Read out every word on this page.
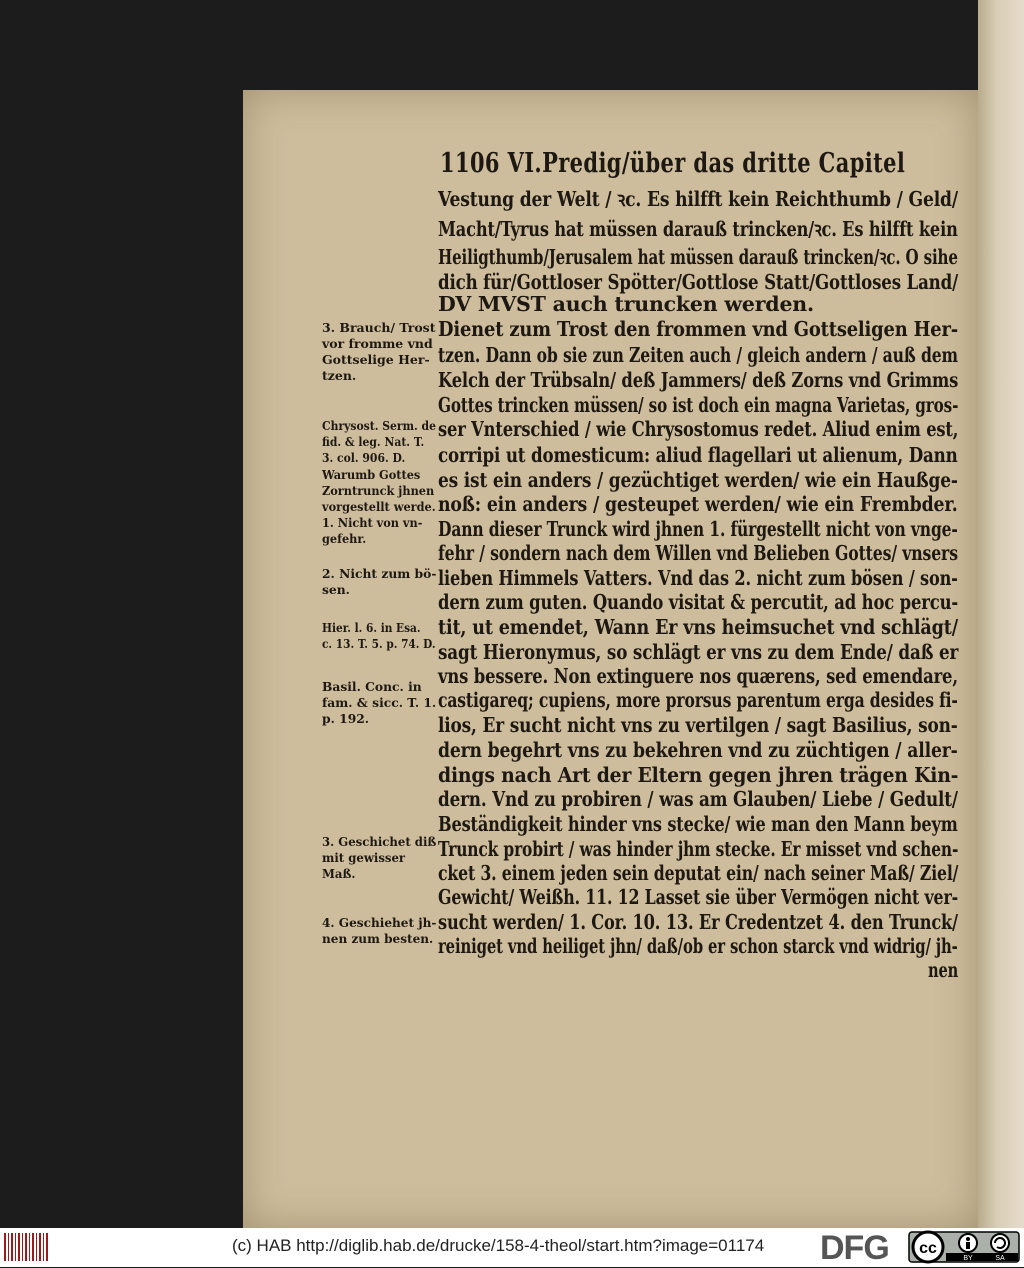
1106 VI.Predig/über das dritte Capitel
Vestung der Welt / ꝛc. Es hilfft kein Reichthumb / Geld/
Macht/Tyrus hat müssen darauß trincken/ꝛc. Es hilfft kein
Heiligthumb/Jerusalem hat müssen darauß trincken/ꝛc. O sihe
dich für/Gottloser Spötter/Gottlose Statt/Gottloses Land/
DV MVST auch truncken werden.
Dienet zum Trost den frommen vnd Gottseligen Her-
tzen. Dann ob sie zun Zeiten auch / gleich andern / auß dem
Kelch der Trübsaln/ deß Jammers/ deß Zorns vnd Grimms
Gottes trincken müssen/ so ist doch ein magna Varietas, gros-
ser Vnterschied / wie Chrysostomus redet. Aliud enim est,
corripi ut domesticum: aliud flagellari ut alienum, Dann
es ist ein anders / gezüchtiget werden/ wie ein Haußge-
noß: ein anders / gesteupet werden/ wie ein Frembder.
Dann dieser Trunck wird jhnen 1. fürgestellt nicht von vnge-
fehr / sondern nach dem Willen vnd Belieben Gottes/ vnsers
lieben Himmels Vatters. Vnd das 2. nicht zum bösen / son-
dern zum guten. Quando visitat & percutit, ad hoc percu-
tit, ut emendet, Wann Er vns heimsuchet vnd schlägt/
sagt Hieronymus, so schlägt er vns zu dem Ende/ daß er
vns bessere. Non extinguere nos quærens, sed emendare,
castigareq; cupiens, more prorsus parentum erga desides fi-
lios, Er sucht nicht vns zu vertilgen / sagt Basilius, son-
dern begehrt vns zu bekehren vnd zu züchtigen / aller-
dings nach Art der Eltern gegen jhren trägen Kin-
dern. Vnd zu probiren / was am Glauben/ Liebe / Gedult/
Beständigkeit hinder vns stecke/ wie man den Mann beym
Trunck probirt / was hinder jhm stecke. Er misset vnd schen-
cket 3. einem jeden sein deputat ein/ nach seiner Maß/ Ziel/
Gewicht/ Weißh. 11. 12 Lasset sie über Vermögen nicht ver-
sucht werden/ 1. Cor. 10. 13. Er Credentzet 4. den Trunck/
reiniget vnd heiliget jhn/ daß/ob er schon starck vnd widrig/ jh-
nen
3. Brauch/ Trost
vor fromme vnd
Gottselige Her-
tzen.
Chrysost. Serm. de
fid. & leg. Nat. T.
3. col. 906. D.
Warumb Gottes
Zorntrunck jhnen
vorgestellt werde.
1. Nicht von vn-
gefehr.
2. Nicht zum bö-
sen.
Hier. l. 6. in Esa.
c. 13. T. 5. p. 74. D.
Basil. Conc. in
fam. & sicc. T. 1.
p. 192.
3. Geschichet diß
mit gewisser
Maß.
4. Geschiehet jh-
nen zum besten.
(c) HAB http://diglib.hab.de/drucke/158-4-theol/start.htm?image=01174 DFG cc
BY	SA
